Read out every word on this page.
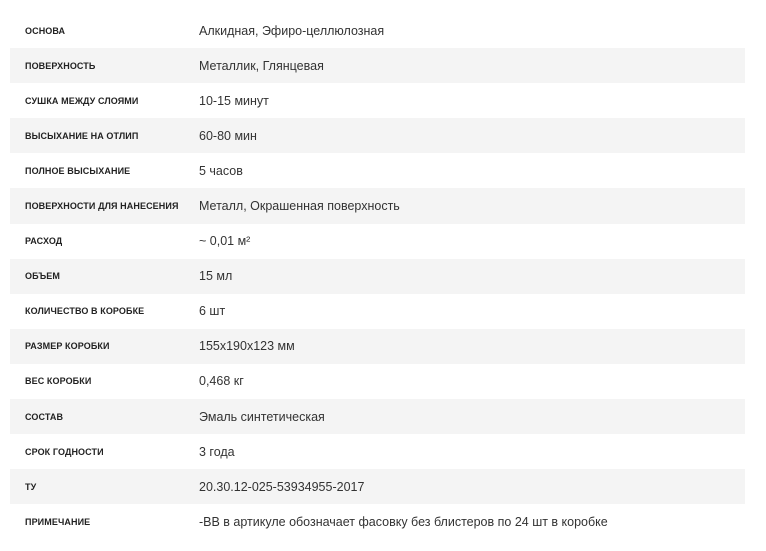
ОСНОВА	Алкидная, Эфиро-целлюлозная
ПОВЕРХНОСТЬ	Металлик, Глянцевая
СУШКА МЕЖДУ СЛОЯМИ	10-15 минут
ВЫСЫХАНИЕ НА ОТЛИП	60-80 мин
ПОЛНОЕ ВЫСЫХАНИЕ	5 часов
ПОВЕРХНОСТИ ДЛЯ НАНЕСЕНИЯ	Металл, Окрашенная поверхность
РАСХОД	~ 0,01 м²
ОБЪЕМ	15 мл
КОЛИЧЕСТВО В КОРОБКЕ	6 шт
РАЗМЕР КОРОБКИ	155x190x123 мм
ВЕС КОРОБКИ	0,468 кг
СОСТАВ	Эмаль синтетическая
СРОК ГОДНОСТИ	3 года
ТУ	20.30.12-025-53934955-2017
ПРИМЕЧАНИЕ	-ВВ в артикуле обозначает фасовку без блистеров по 24 шт в коробке
